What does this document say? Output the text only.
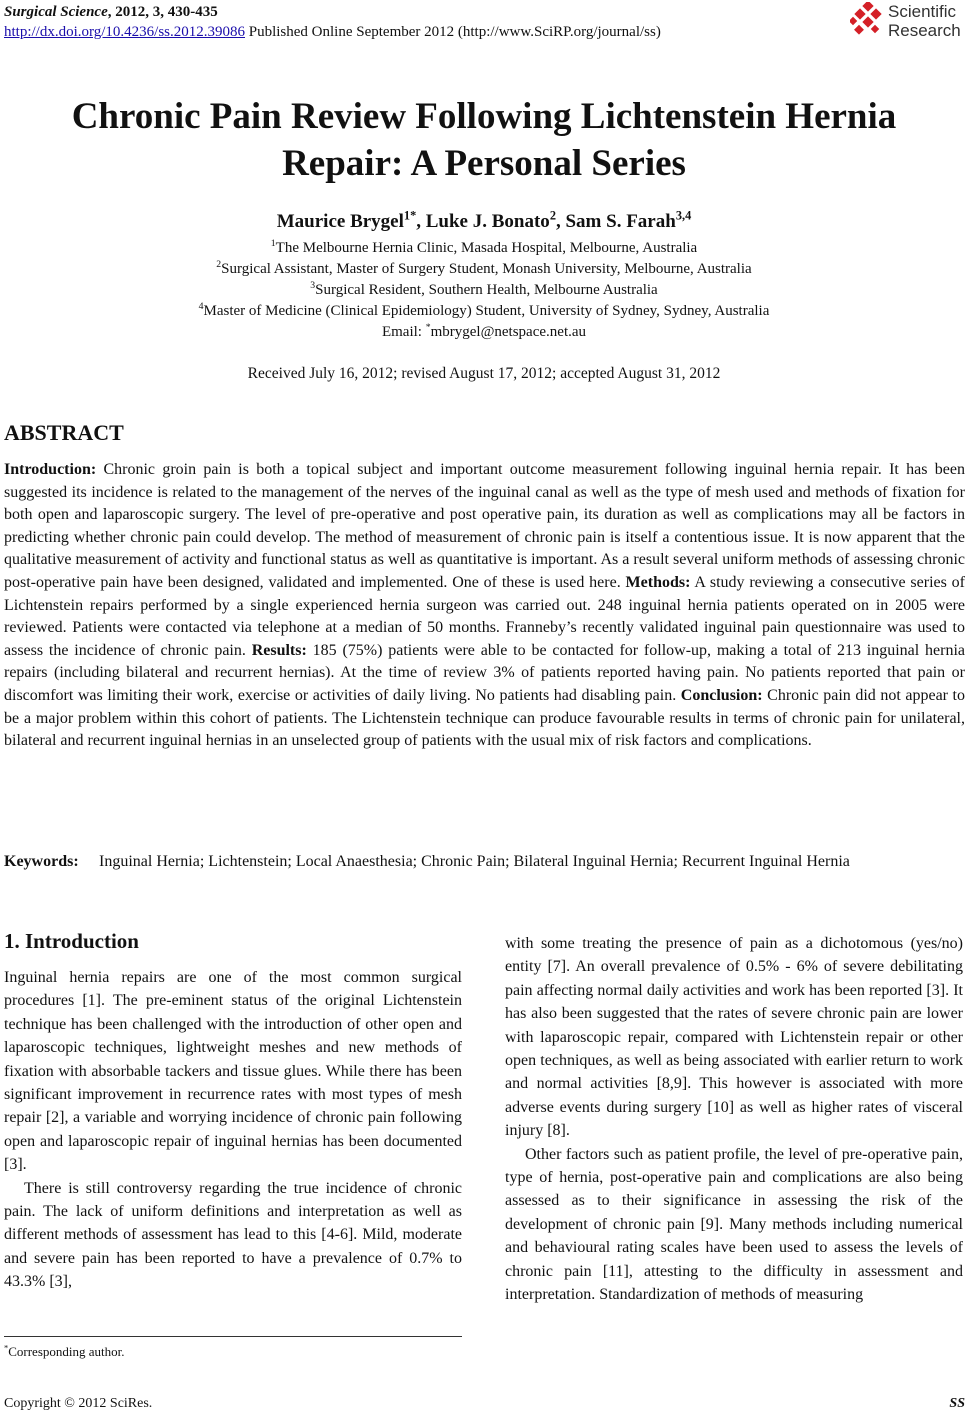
Surgical Science, 2012, 3, 430-435
http://dx.doi.org/10.4236/ss.2012.39086 Published Online September 2012 (http://www.SciRP.org/journal/ss)
Scientific
Research
Chronic Pain Review Following Lichtenstein Hernia
Repair: A Personal Series
Maurice Brygel$^{1*}$, Luke J. Bonato$^2$, Sam S. Farah$^{3,4}$
$^1$The Melbourne Hernia Clinic, Masada Hospital, Melbourne, Australia
$^2$Surgical Assistant, Master of Surgery Student, Monash University, Melbourne, Australia
$^3$Surgical Resident, Southern Health, Melbourne Australia
$^4$Master of Medicine (Clinical Epidemiology) Student, University of Sydney, Sydney, Australia
Email: *mbrygel@netspace.net.au
Received July 16, 2012; revised August 17, 2012; accepted August 31, 2012
ABSTRACT
Introduction: Chronic groin pain is both a topical subject and important outcome measurement following inguinal hernia repair. It has been suggested its incidence is related to the management of the nerves of the inguinal canal as well as the type of mesh used and methods of fixation for both open and laparoscopic surgery. The level of pre-operative and post operative pain, its duration as well as complications may all be factors in predicting whether chronic pain could develop. The method of measurement of chronic pain is itself a contentious issue. It is now apparent that the qualitative measurement of activity and functional status as well as quantitative is important. As a result several uniform methods of assessing chronic post-operative pain have been designed, validated and implemented. One of these is used here. Methods: A study reviewing a consecutive series of Lichtenstein repairs performed by a single experienced hernia surgeon was carried out. 248 inguinal hernia patients operated on in 2005 were reviewed. Patients were contacted via telephone at a median of 50 months. Franneby’s recently validated inguinal pain questionnaire was used to assess the incidence of chronic pain. Results: 185 (75%) patients were able to be contacted for follow-up, making a total of 213 inguinal hernia repairs (including bilateral and recurrent hernias). At the time of review 3% of patients reported having pain. No patients reported that pain or discomfort was limiting their work, exercise or activities of daily living. No patients had disabling pain. Conclusion: Chronic pain did not appear to be a major problem within this cohort of patients. The Lichtenstein technique can produce favourable results in terms of chronic pain for unilateral, bilateral and recurrent inguinal hernias in an unselected group of patients with the usual mix of risk factors and complications.
Keywords:	Inguinal Hernia; Lichtenstein; Local Anaesthesia; Chronic Pain; Bilateral Inguinal Hernia; Recurrent Inguinal Hernia
1. Introduction

Inguinal hernia repairs are one of the most common surgical procedures [1]. The pre-eminent status of the original Lichtenstein technique has been challenged with the introduction of other open and laparoscopic techniques, lightweight meshes and new methods of fixation with absorbable tackers and tissue glues. While there has been significant improvement in recurrence rates with most types of mesh repair [2], a variable and worrying incidence of chronic pain following open and laparoscopic repair of inguinal hernias has been documented [3].

There is still controversy regarding the true incidence of chronic pain. The lack of uniform definitions and interpretation as well as different methods of assessment has lead to this [4-6]. Mild, moderate and severe pain has been reported to have a prevalence of 0.7% to 43.3% [3],

with some treating the presence of pain as a dichotomous (yes/no) entity [7]. An overall prevalence of 0.5% - 6% of severe debilitating pain affecting normal daily activities and work has been reported [3]. It has also been suggested that the rates of severe chronic pain are lower with laparoscopic repair, compared with Lichtenstein repair or other open techniques, as well as being associated with earlier return to work and normal activities [8,9]. This however is associated with more adverse events during surgery [10] as well as higher rates of visceral injury [8].

Other factors such as patient profile, the level of pre-operative pain, type of hernia, post-operative pain and complications are also being assessed as to their significance in assessing the risk of the development of chronic pain [9]. Many methods including numerical and behavioural rating scales have been used to assess the levels of chronic pain [11], attesting to the difficulty in assessment and interpretation. Standardization of methods of measuring

*Corresponding author.
Copyright © 2012 SciRes.	SS
